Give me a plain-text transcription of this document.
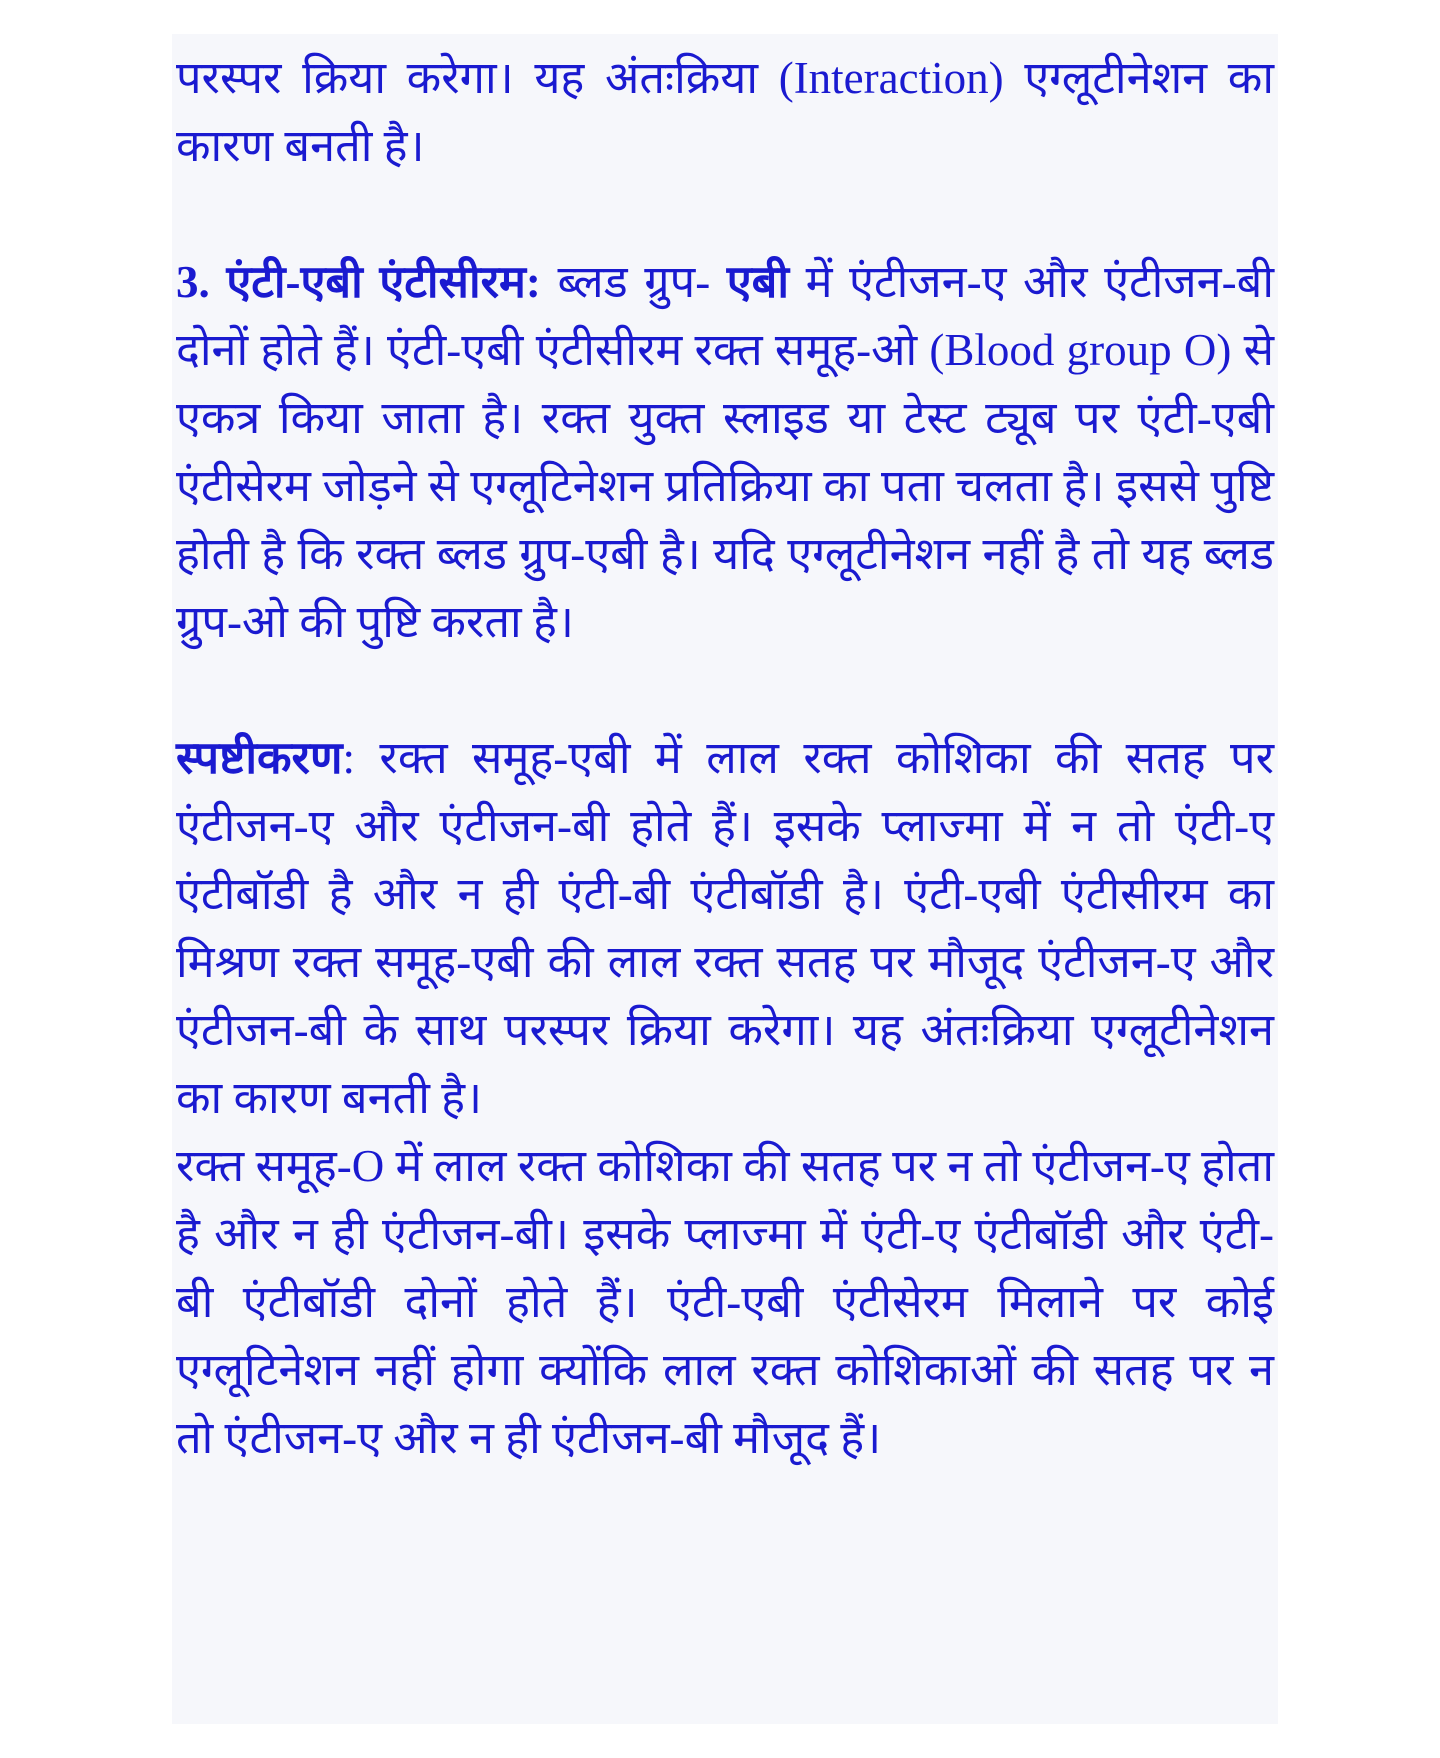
परस्पर क्रिया करेगा। यह अंतःक्रिया (Interaction) एग्लूटीनेशन का कारण बनती है।

3. एंटी-एबी एंटीसीरम: ब्लड ग्रुप- एबी में एंटीजन-ए और एंटीजन-बी दोनों होते हैं। एंटी-एबी एंटीसीरम रक्त समूह-ओ (Blood group O) से एकत्र किया जाता है। रक्त युक्त स्लाइड या टेस्ट ट्यूब पर एंटी-एबी एंटीसेरम जोड़ने से एग्लूटिनेशन प्रतिक्रिया का पता चलता है। इससे पुष्टि होती है कि रक्त ब्लड ग्रुप-एबी है। यदि एग्लूटीनेशन नहीं है तो यह ब्लड ग्रुप-ओ की पुष्टि करता है।

स्पष्टीकरण: रक्त समूह-एबी में लाल रक्त कोशिका की सतह पर एंटीजन-ए और एंटीजन-बी होते हैं। इसके प्लाज्मा में न तो एंटी-ए एंटीबॉडी है और न ही एंटी-बी एंटीबॉडी है। एंटी-एबी एंटीसीरम का मिश्रण रक्त समूह-एबी की लाल रक्त सतह पर मौजूद एंटीजन-ए और एंटीजन-बी के साथ परस्पर क्रिया करेगा। यह अंतःक्रिया एग्लूटीनेशन का कारण बनती है।

रक्त समूह-O में लाल रक्त कोशिका की सतह पर न तो एंटीजन-ए होता है और न ही एंटीजन-बी। इसके प्लाज्मा में एंटी-ए एंटीबॉडी और एंटी-बी एंटीबॉडी दोनों होते हैं। एंटी-एबी एंटीसेरम मिलाने पर कोई एग्लूटिनेशन नहीं होगा क्योंकि लाल रक्त कोशिकाओं की सतह पर न तो एंटीजन-ए और न ही एंटीजन-बी मौजूद हैं।
